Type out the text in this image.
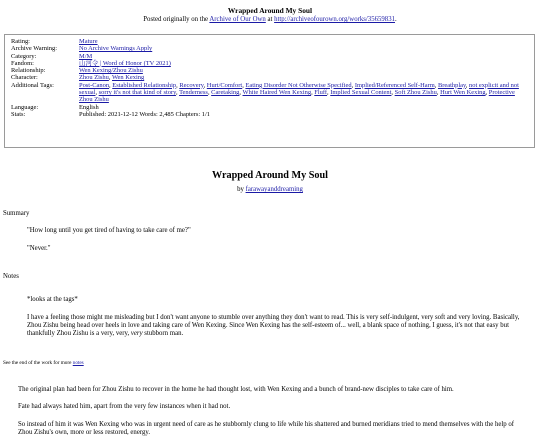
Wrapped Around My Soul
Posted originally on the Archive of Our Own at http://archiveofourown.org/works/35659831.
Rating:	Mature
Archive Warning:	No Archive Warnings Apply
Category:	M/M
Fandom:	山河令 | Word of Honor (TV 2021)
Relationship:	Wen Kexing/Zhou Zishu
Character:	Zhou Zishu, Wen Kexing
Additional Tags:	Post-Canon, Established Relationship, Recovery, Hurt/Comfort, Eating Disorder Not Otherwise Specified, Implied/Referenced Self-Harm, Breathplay, not explicit and not sexual, sorry it's not that kind of story, Tenderness, Caretaking, White Haired Wen Kexing, Fluff, Implied Sexual Content, Soft Zhou Zishu, Hurt Wen Kexing, Protective Zhou Zishu
Language:	English
Stats:	Published: 2021-12-12 Words: 2,485 Chapters: 1/1
Wrapped Around My Soul
by farawayanddreaming
Summary
"How long until you get tired of having to take care of me?"
"Never."
Notes
*looks at the tags*
I have a feeling those might me misleading but I don't want anyone to stumble over anything they don't want to read. This is very self-indulgent, very soft and very loving. Basically, Zhou Zishu being head over heels in love and taking care of Wen Kexing. Since Wen Kexing has the self-esteem of... well, a blank space of nothing, I guess, it's not that easy but thankfully Zhou Zishu is a very, very, very stubborn man.
See the end of the work for more notes
The original plan had been for Zhou Zishu to recover in the home he had thought lost, with Wen Kexing and a bunch of brand-new disciples to take care of him.
Fate had always hated him, apart from the very few instances when it had not.
So instead of him it was Wen Kexing who was in urgent need of care as he stubbornly clung to life while his shattered and burned meridians tried to mend themselves with the help of Zhou Zishu's own, more or less restored, energy.
